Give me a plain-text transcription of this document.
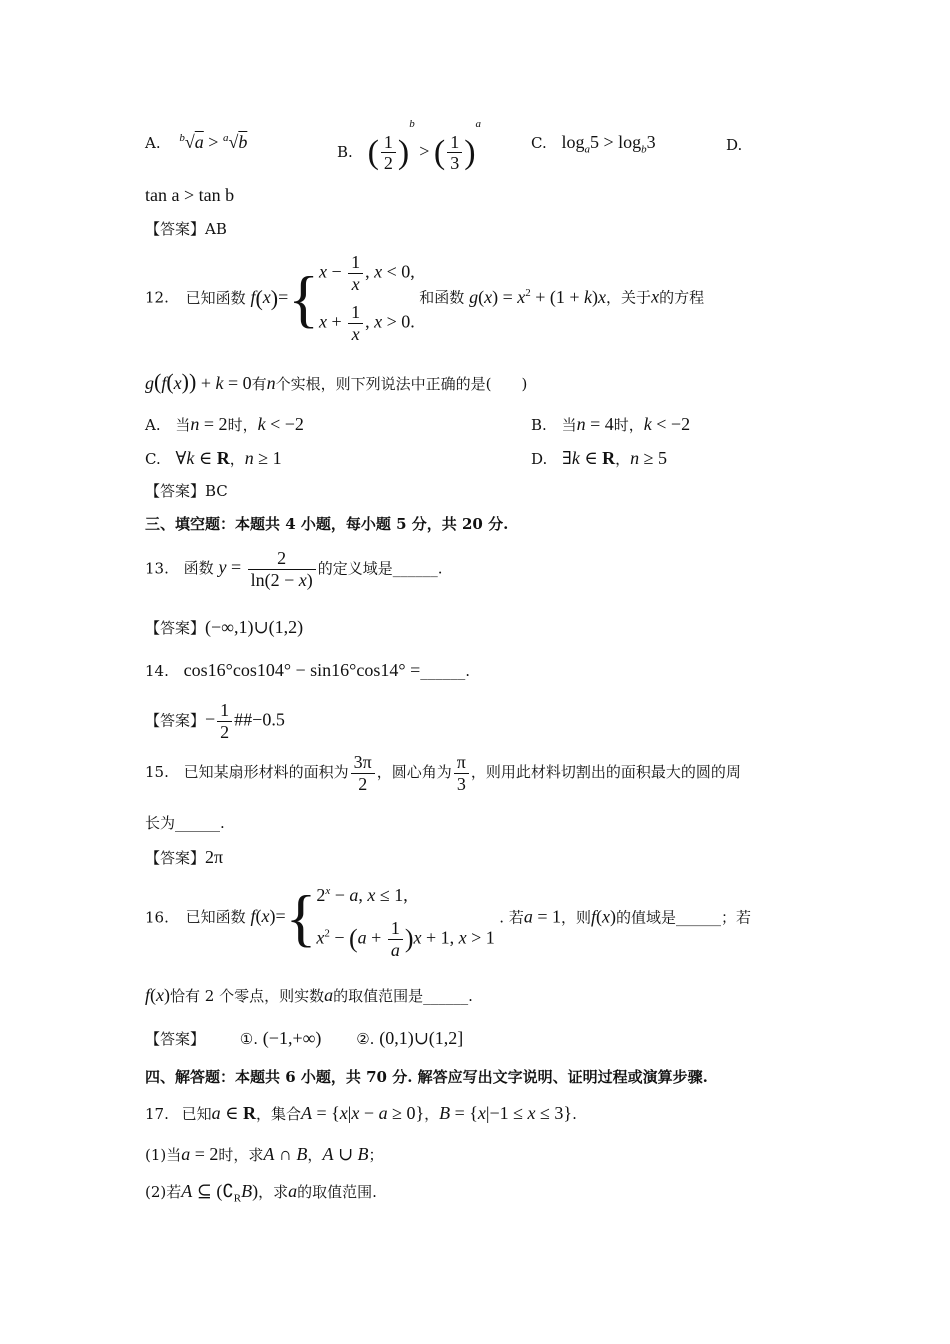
A. $^b$√a > $^a$√b	B. ( $\frac{1}{2} )^b$ > ( $\frac{1}{3} )^a$
C. $\log_a5 > \log_b3$	D.
tan a > tan b
【答案】AB
12. 已知函数 f(x)={ $x - \frac{1}{x}$ , x < 0,
$x + \frac{1}{x}$ , x > 0.
和函数 $g(x) = x^2 + (1 + k)x$，关于x的方程
g(f(x)) + k = 0有n个实根，则下列说法中正确的是(　　)
A. 当n = 2时，k < −2	B. 当n = 4时，k < −2
C. ∀k ∈ R，n ≥ 1	D. ∃k ∈ R，n ≥ 5
【答案】BC
三、填空题：本题共 4 小题，每小题 5 分，共 20 分.
13. 函数 $y = \frac{2}{\ln(2 - x)}$ 的定义域是______.
【答案】(−∞,1)∪(1,2)
14. cos16°cos104° − sin16°cos14° =______.
【答案】− $\frac{1}{2}$ ##−0.5
15. 已知某扇形材料的面积为 $\frac{3\pi}{2}$ ，圆心角为 $\frac{\pi}{3}$ ，则用此材料切割出的面积最大的圆的周
长为______.
【答案】2π
16. 已知函数 f(x)={ $2^x - a$, x ≤ 1,
$x^2 - (a + \frac{1}{a} )x + 1$, x > 1
. 若a = 1，则f(x)的值域是______；若
f(x)恰有 2 个零点，则实数a的取值范围是______.
【答案】 ①. (−1,+∞) ②. (0,1)∪(1,2]
四、解答题：本题共 6 小题，共 70 分. 解答应写出文字说明、证明过程或演算步骤.
17. 已知a ∈ R，集合A = {x|x − a ≥ 0}，B = {x|−1 ≤ x ≤ 3}.
(1)当a = 2时，求A ∩ B，A ∪ B；
(2)若A ⊆ $(∁_RB)$，求a的取值范围.
